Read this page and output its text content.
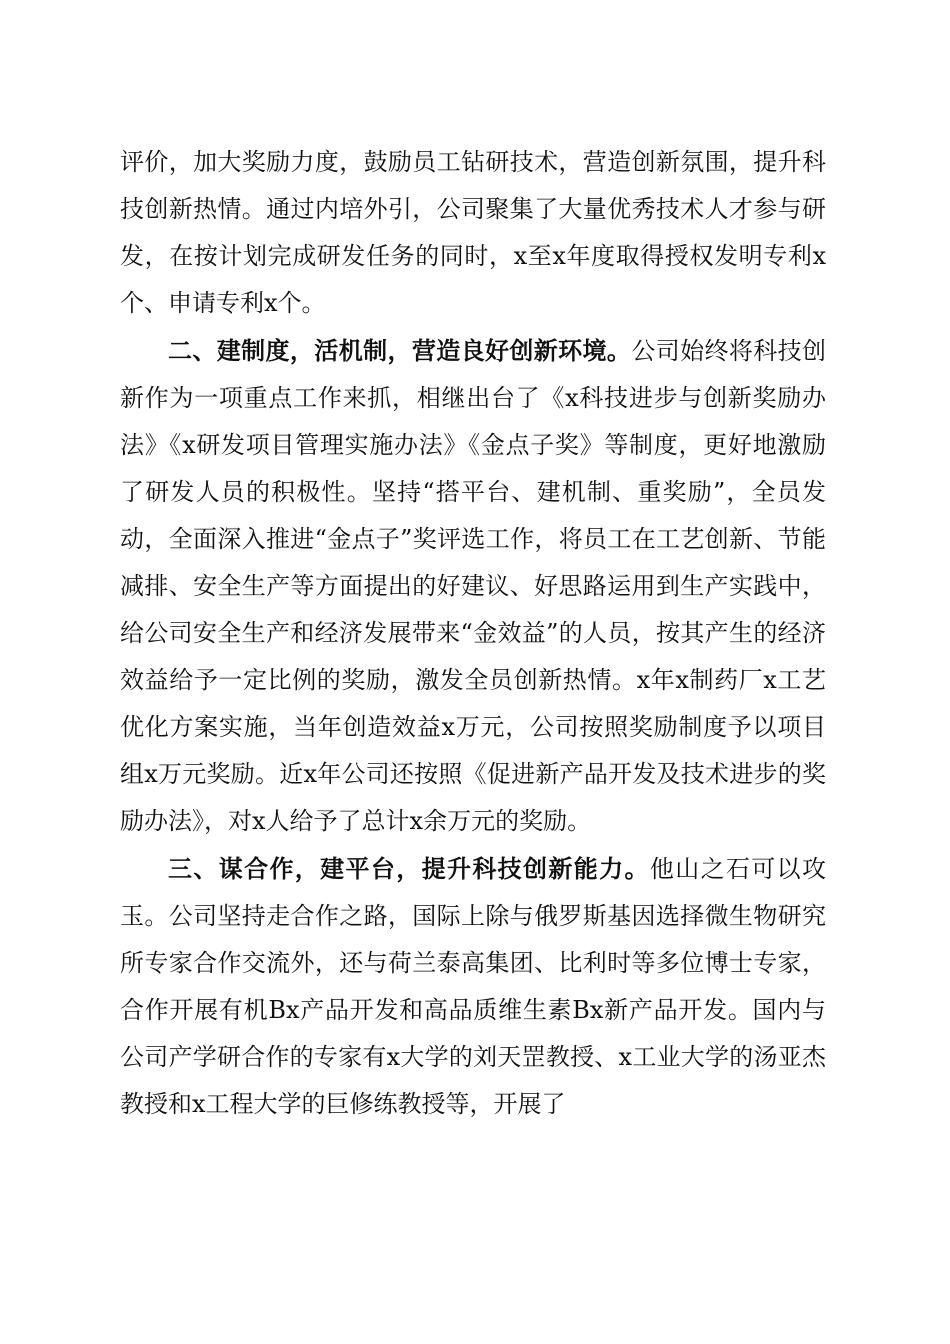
评价，加大奖励力度，鼓励员工钻研技术，营造创新氛围，提升科技创新热情。通过内培外引，公司聚集了大量优秀技术人才参与研发，在按计划完成研发任务的同时，x至x年度取得授权发明专利x个、申请专利x个。

二、建制度，活机制，营造良好创新环境。公司始终将科技创新作为一项重点工作来抓，相继出台了《x科技进步与创新奖励办法》《x研发项目管理实施办法》《金点子奖》等制度，更好地激励了研发人员的积极性。坚持“搭平台、建机制、重奖励”，全员发动，全面深入推进“金点子”奖评选工作，将员工在工艺创新、节能减排、安全生产等方面提出的好建议、好思路运用到生产实践中，给公司安全生产和经济发展带来“金效益”的人员，按其产生的经济效益给予一定比例的奖励，激发全员创新热情。x年x制药厂x工艺优化方案实施，当年创造效益x万元，公司按照奖励制度予以项目组x万元奖励。近x年公司还按照《促进新产品开发及技术进步的奖励办法》，对x人给予了总计x余万元的奖励。

三、谋合作，建平台，提升科技创新能力。他山之石可以攻玉。公司坚持走合作之路，国际上除与俄罗斯基因选择微生物研究所专家合作交流外，还与荷兰泰高集团、比利时等多位博士专家，合作开展有机Bx产品开发和高品质维生素Bx新产品开发。国内与公司产学研合作的专家有x大学的刘天罡教授、x工业大学的汤亚杰教授和x工程大学的巨修练教授等，开展了
